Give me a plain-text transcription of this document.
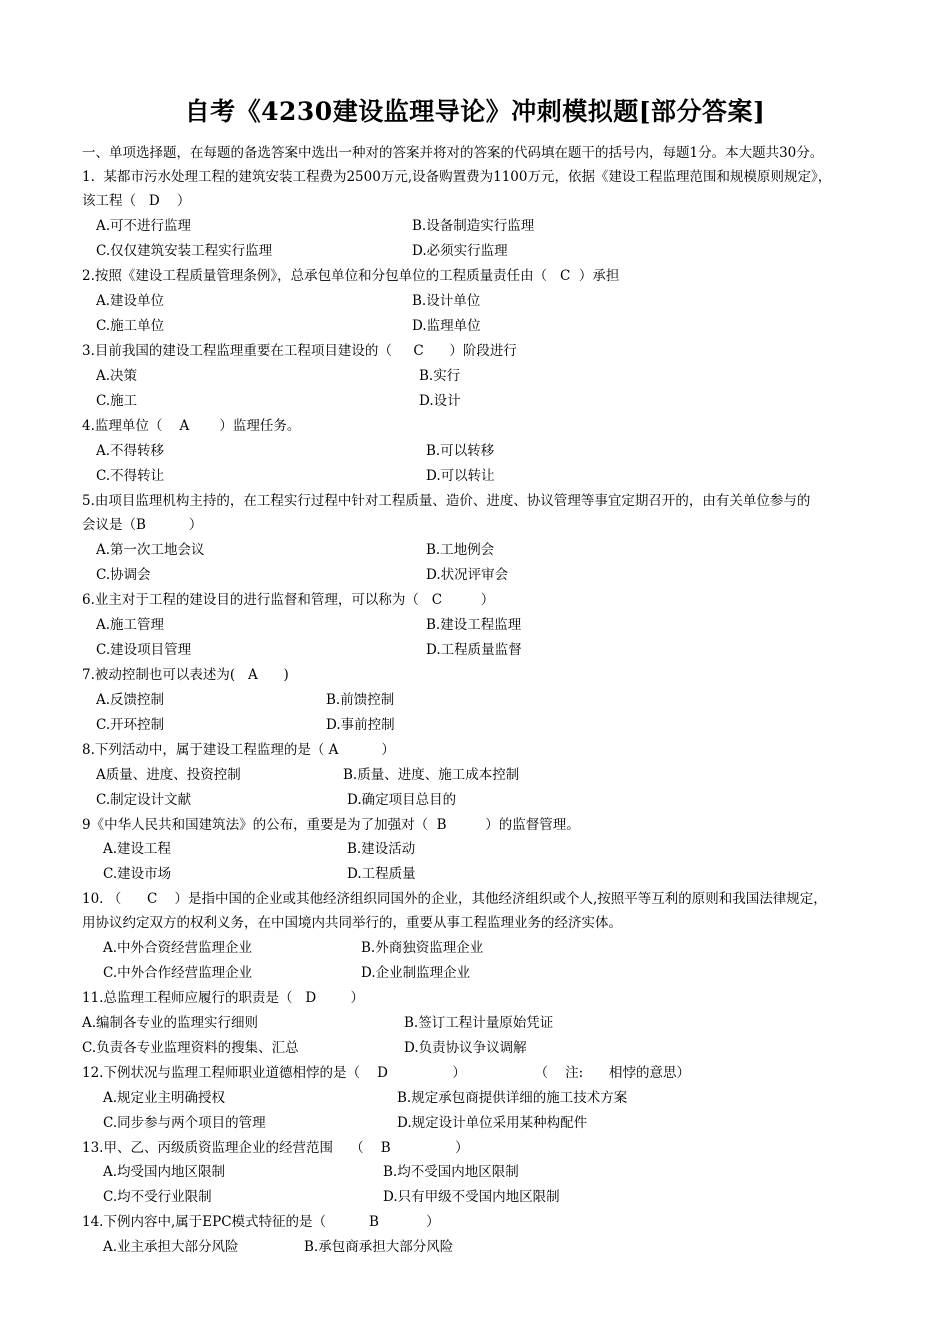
自考《4230建设监理导论》冲刺模拟题[部分答案]
一、单项选择题，在每题的备选答案中选出一种对的答案并将对的答案的代码填在题干的括号内，每题1分。本大题共30分。
1.  某都市污水处理工程的建筑安装工程费为2500万元,设备购置费为1100万元，依据《建设工程监理范围和规模原则规定》，
该工程（   D    ）
A.可不进行监理	B.设备制造实行监理
C.仅仅建筑安装工程实行监理	D.必须实行监理
2.按照《建设工程质量管理条例》，总承包单位和分包单位的工程质量责任由（   C  ）承担
A.建设单位	B.设计单位
C.施工单位	D.监理单位
3.目前我国的建设工程监理重要在工程项目建设的（     C      ）阶段进行
A.决策	B.实行
C.施工	D.设计
4.监理单位（    A       ）监理任务。
A.不得转移	B.可以转移
C.不得转让	D.可以转让
5.由项目监理机构主持的，在工程实行过程中针对工程质量、造价、进度、协议管理等事宜定期召开的，由有关单位参与的
会议是（B          ）
A.第一次工地会议	B.工地例会
C.协调会	D.状况评审会
6.业主对于工程的建设目的进行监督和管理，可以称为（   C         ）
A.施工管理	B.建设工程监理
C.建设项目管理	D.工程质量监督
7.被动控制也可以表述为(   A      )
A.反馈控制	B.前馈控制
C.开环控制	D.事前控制
8.下列活动中，属于建设工程监理的是（ A          ）
A质量、进度、投资控制	B.质量、进度、施工成本控制
C.制定设计文献	D.确定项目总目的
9《中华人民共和国建筑法》的公布，重要是为了加强对（  B         ）的监督管理。
A.建设工程	B.建设活动
C.建设市场	D.工程质量
10. （      C    ）是指中国的企业或其他经济组织同国外的企业，其他经济组织或个人,按照平等互利的原则和我国法律规定，
用协议约定双方的权利义务，在中国境内共同举行的，重要从事工程监理业务的经济实体。
A.中外合资经营监理企业	B.外商独资监理企业
C.中外合作经营监理企业	D.企业制监理企业
11.总监理工程师应履行的职责是（   D        ）
A.编制各专业的监理实行细则	B.签订工程计量原始凭证
C.负责各专业监理资料的搜集、汇总	D.负责协议争议调解
12.下例状况与监理工程师职业道德相悖的是（    D               ）                （    注:      相悖的意思）
A.规定业主明确授权	B.规定承包商提供详细的施工技术方案
C.同步参与两个项目的管理	D.规定设计单位采用某种构配件
13.甲、乙、丙级质资监理企业的经营范围    （    B               ）
A.均受国内地区限制	B.均不受国内地区限制
C.均不受行业限制	D.只有甲级不受国内地区限制
14.下例内容中,属于EPC模式特征的是（          B           ）
A.业主承担大部分风险	B.承包商承担大部分风险
